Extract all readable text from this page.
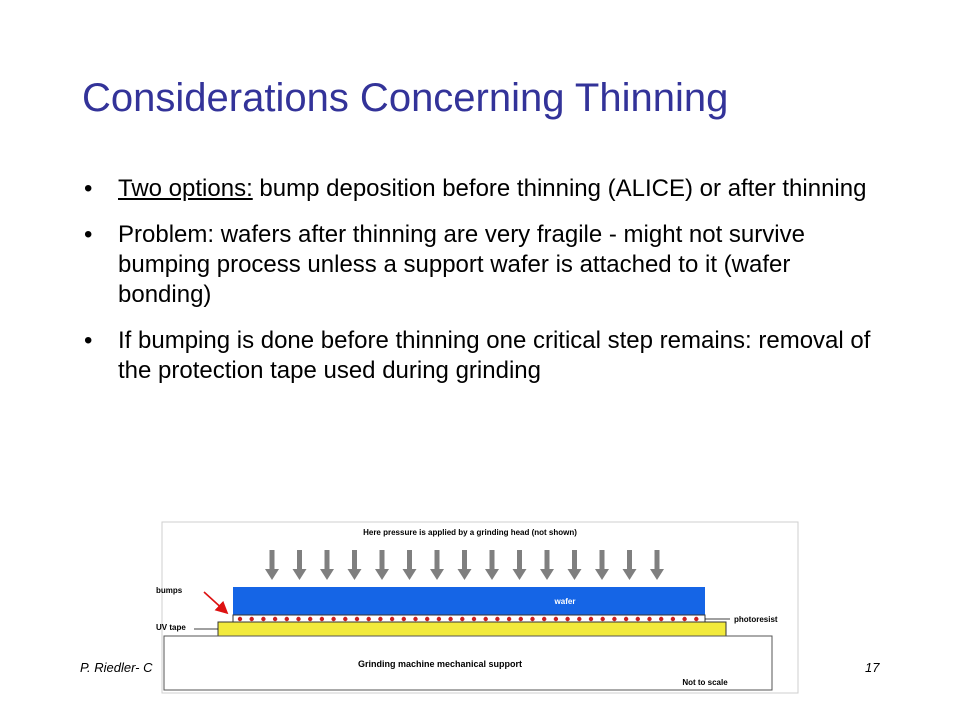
Considerations Concerning Thinning
• Two options: bump deposition before thinning (ALICE) or after thinning
• Problem: wafers after thinning are very fragile - might not survive bumping process unless a support wafer is attached to it (wafer bonding)
• If bumping is done before thinning one critical step remains: removal of the protection tape used during grinding
P. Riedler- C	17
Here pressure is applied by a grinding head (not shown)
wafer
Grinding machine mechanical support
Not to scale
bumps
UV tape
photoresist
